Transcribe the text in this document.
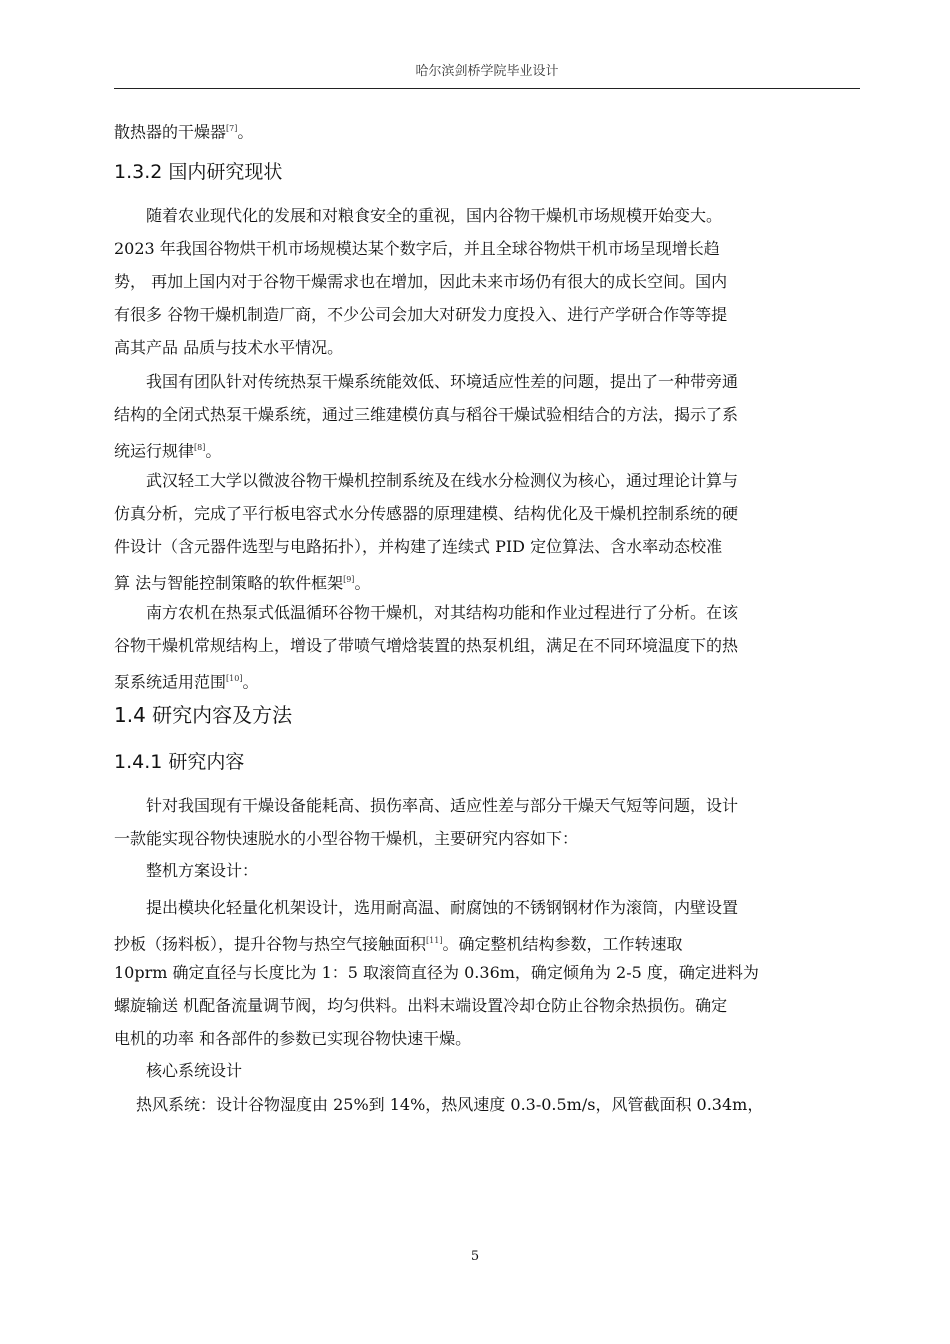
哈尔滨剑桥学院毕业设计
散热器的干燥器[7]。
1.3.2 国内研究现状
随着农业现代化的发展和对粮食安全的重视，国内谷物干燥机市场规模开始变大。
2023 年我国谷物烘干机市场规模达某个数字后，并且全球谷物烘干机市场呈现增长趋
势， 再加上国内对于谷物干燥需求也在增加，因此未来市场仍有很大的成长空间。国内
有很多 谷物干燥机制造厂商，不少公司会加大对研发力度投入、进行产学研合作等等提
高其产品 品质与技术水平情况。
我国有团队针对传统热泵干燥系统能效低、环境适应性差的问题，提出了一种带旁通
结构的全闭式热泵干燥系统，通过三维建模仿真与稻谷干燥试验相结合的方法，揭示了系
统运行规律[8]。
武汉轻工大学以微波谷物干燥机控制系统及在线水分检测仪为核心，通过理论计算与
仿真分析，完成了平行板电容式水分传感器的原理建模、结构优化及干燥机控制系统的硬
件设计（含元器件选型与电路拓扑），并构建了连续式 PID 定位算法、含水率动态校准
算 法与智能控制策略的软件框架[9]。
南方农机在热泵式低温循环谷物干燥机，对其结构功能和作业过程进行了分析。在该
谷物干燥机常规结构上，增设了带喷气增焓装置的热泵机组，满足在不同环境温度下的热
泵系统适用范围[10]。
1.4 研究内容及方法
1.4.1 研究内容
针对我国现有干燥设备能耗高、损伤率高、适应性差与部分干燥天气短等问题，设计
一款能实现谷物快速脱水的小型谷物干燥机，主要研究内容如下：
整机方案设计：
提出模块化轻量化机架设计，选用耐高温、耐腐蚀的不锈钢钢材作为滚筒，内壁设置
抄板（扬料板），提升谷物与热空气接触面积[11]。确定整机结构参数，工作转速取
10prm 确定直径与长度比为 1：5 取滚筒直径为 0.36m，确定倾角为 2-5 度，确定进料为
螺旋输送 机配备流量调节阀，均匀供料。出料末端设置冷却仓防止谷物余热损伤。确定
电机的功率 和各部件的参数已实现谷物快速干燥。
核心系统设计
热风系统：设计谷物湿度由 25%到 14%，热风速度 0.3-0.5m/s，风管截面积 0.34m，
5
